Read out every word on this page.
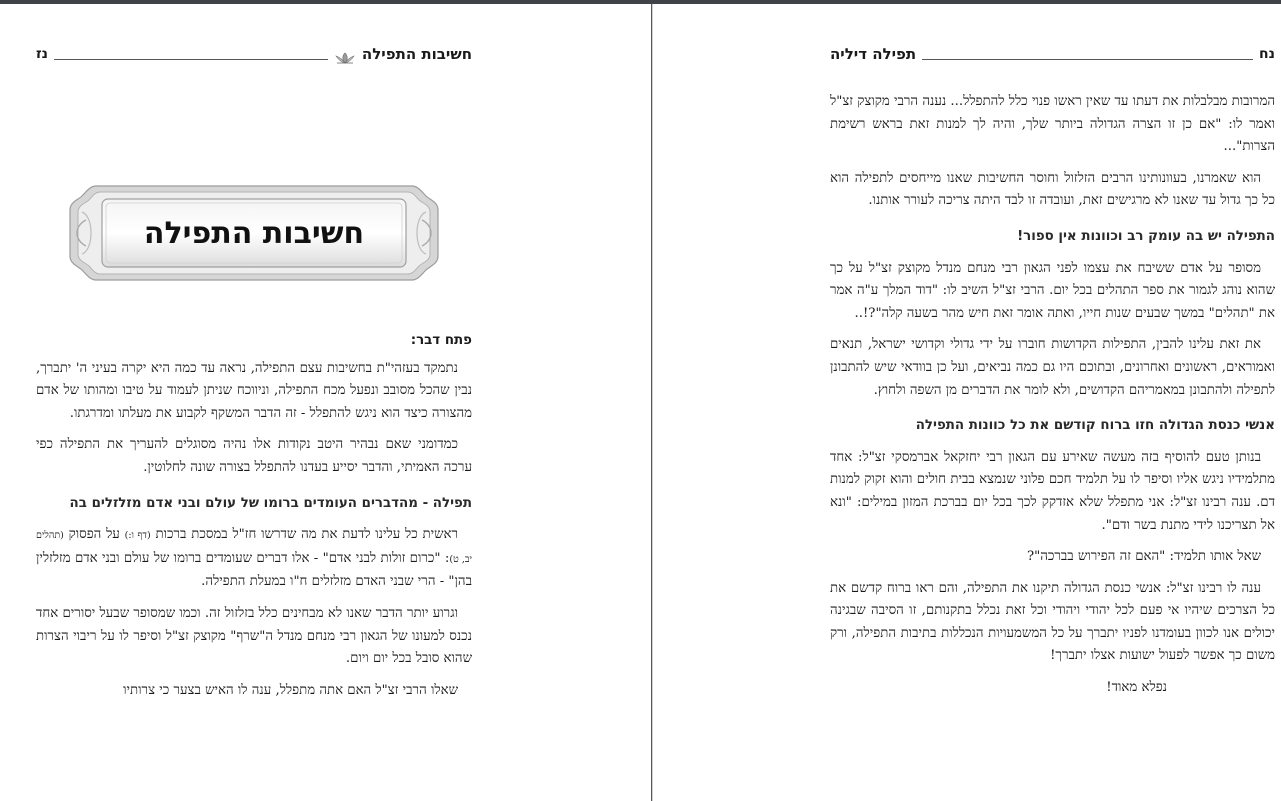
חשיבות התפילה
נז
חשיבות התפילה
פתח דבר:

נתמקד בעזהי"ת בחשיבות עצם התפילה, נראה עד כמה היא יקרה בעיני ה' יתברך, נבין שהכל מסובב ונפעל מכח התפילה, וניווכח שניתן לעמוד על טיבו ומהותו של אדם מהצורה כיצד הוא ניגש להתפלל - זה הדבר המשקף לקבוע את מעלתו ומדרגתו.

כמדומני שאם נבהיר היטב נקודות אלו נהיה מסוגלים להעריך את התפילה כפי ערכה האמיתי, והדבר יסייע בעדנו להתפלל בצורה שונה לחלוטין.

תפילה - מהדברים העומדים ברומו של עולם ובני אדם מזלזלים בה

ראשית כל עלינו לדעת את מה שדרשו חז"ל במסכת ברכות (דף ו:) על הפסוק (תהלים יב, ט): "כרום זולות לבני אדם" - אלו דברים שעומדים ברומו של עולם ובני אדם מזלזלין בהן" - הרי שבני האדם מזלזלים ח"ו במעלת התפילה.

וגרוע יותר הדבר שאנו לא מבחינים כלל בזלזול זה. וכמו שמסופר שבעל יסורים אחד נכנס למעונו של הגאון רבי מנחם מנדל ה"שרף" מקוצק זצ"ל וסיפר לו על ריבוי הצרות שהוא סובל בכל יום ויום.

שאלו הרבי זצ"ל האם אתה מתפלל, ענה לו האיש בצער כי צרותיו

נח
תפילה דיליה

המרובות מבלבלות את דעתו עד שאין ראשו פנוי כלל להתפלל... נענה הרבי מקוצק זצ"ל ואמר לו: "אם כן זו הצרה הגדולה ביותר שלך, והיה לך למנות זאת בראש רשימת הצרות"...

הוא שאמרנו, בעוונותינו הרבים הזלזול וחוסר החשיבות שאנו מייחסים לתפילה הוא כל כך גדול עד שאנו לא מרגישים זאת, ועובדה זו לבד היתה צריכה לעורר אותנו.

התפילה יש בה עומק רב וכוונות אין ספור!

מסופר על אדם ששיבח את עצמו לפני הגאון רבי מנחם מנדל מקוצק זצ"ל על כך שהוא נוהג לגמור את ספר התהלים בכל יום. הרבי זצ"ל השיב לו: "דוד המלך ע"ה אמר את "תהלים" במשך שבעים שנות חייו, ואתה אומר זאת חיש מהר בשעה קלה"?!..

את זאת עלינו להבין, התפילות הקדושות חוברו על ידי גדולי וקדושי ישראל, תנאים ואמוראים, ראשונים ואחרונים, ובתוכם היו גם כמה נביאים, ועל כן בוודאי שיש להתבונן לתפילה ולהתבונן במאמריהם הקדושים, ולא לומר את הדברים מן השפה ולחוץ.

אנשי כנסת הגדולה חזו ברוח קודשם את כל כוונות התפילה

בנותן טעם להוסיף בזה מעשה שאירע עם הגאון רבי יחזקאל אברמסקי זצ"ל: אחד מתלמידיו ניגש אליו וסיפר לו על תלמיד חכם פלוני שנמצא בבית חולים והוא זקוק למנות דם. ענה רבינו זצ"ל: אני מתפלל שלא אזדקק לכך בכל יום בברכת המזון במילים: "ונא אל תצריכנו לידי מתנת בשר ודם".

שאל אותו תלמיד: "האם זה הפירוש בברכה"?

ענה לו רבינו זצ"ל: אנשי כנסת הגדולה תיקנו את התפילה, והם ראו ברוח קדשם את כל הצרכים שיהיו אי פעם לכל יהודי ויהודי וכל זאת נכלל בתקנותם, זו הסיבה שבגינה יכולים אנו לכוון בעומדנו לפניו יתברך על כל המשמעויות הנכללות בתיבות התפילה, ורק משום כך אפשר לפעול ישועות אצלו יתברך!

נפלא מאוד!
